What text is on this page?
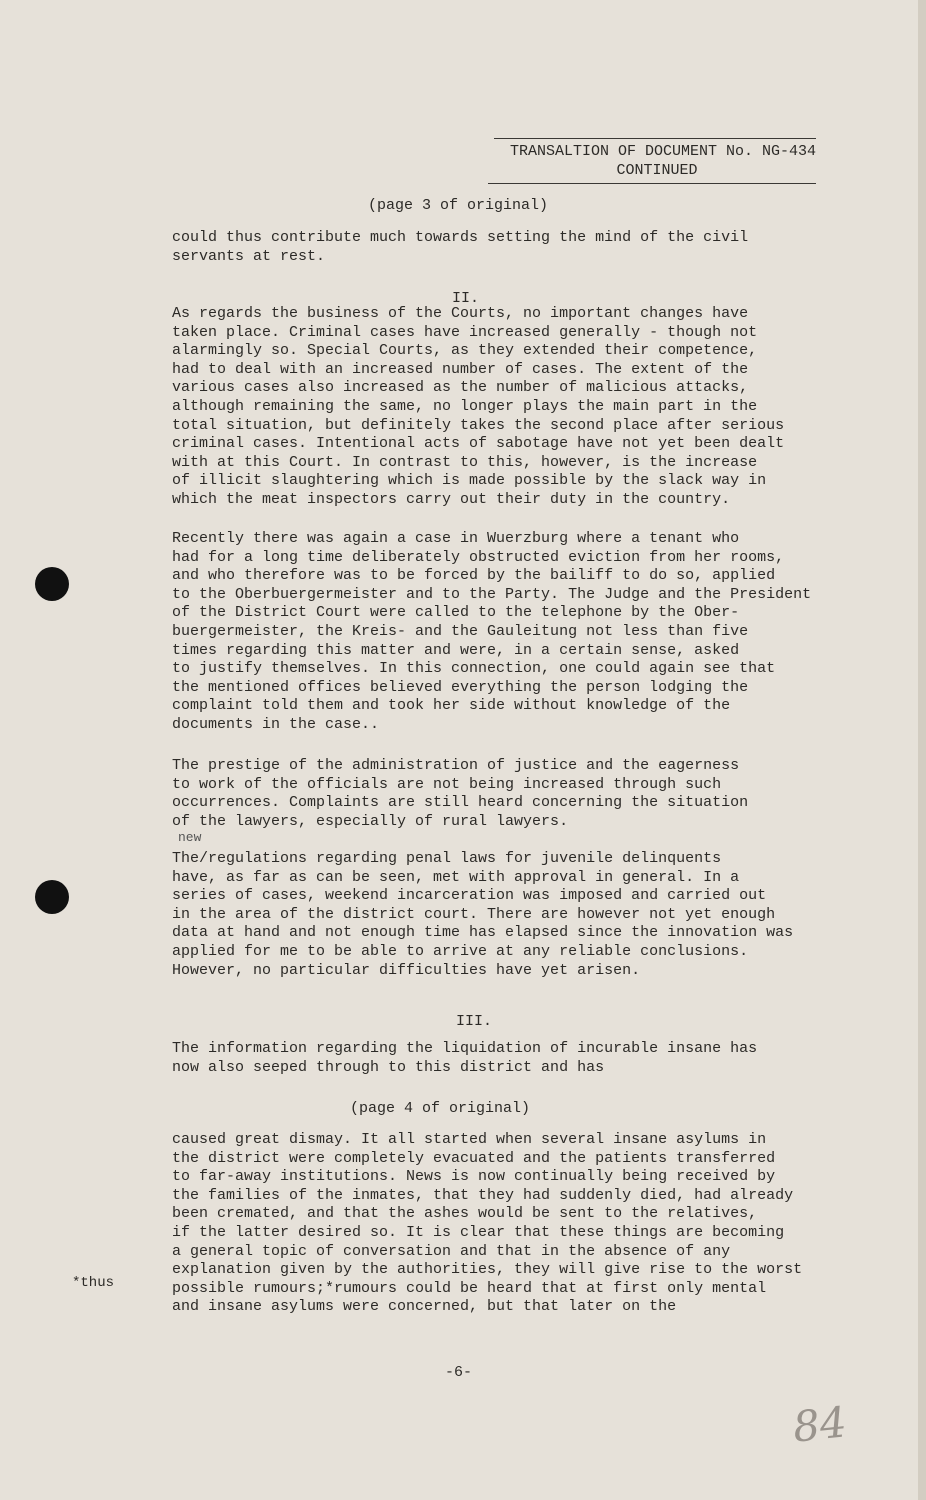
TRANSALTION OF DOCUMENT No. NG-434
CONTINUED
(page 3 of original)
could thus contribute much towards setting the mind of the civil
servants at rest.
II.
As regards the business of the Courts, no important changes have
taken place. Criminal cases have increased generally - though not
alarmingly so. Special Courts, as they extended their competence,
had to deal with an increased number of cases. The extent of the
various cases also increased as the number of malicious attacks,
although remaining the same, no longer plays the main part in the
total situation, but definitely takes the second place after serious
criminal cases. Intentional acts of sabotage have not yet been dealt
with at this Court. In contrast to this, however, is the increase
of illicit slaughtering which is made possible by the slack way in
which the meat inspectors carry out their duty in the country.
Recently there was again a case in Wuerzburg where a tenant who
had for a long time deliberately obstructed eviction from her rooms,
and who therefore was to be forced by the bailiff to do so, applied
to the Oberbuergermeister and to the Party. The Judge and the President
of the District Court were called to the telephone by the Ober-
buergermeister, the Kreis- and the Gauleitung not less than five
times regarding this matter and were, in a certain sense, asked
to justify themselves. In this connection, one could again see that
the mentioned offices believed everything the person lodging the
complaint told them and took her side without knowledge of the
documents in the case..
The prestige of the administration of justice and the eagerness
to work of the officials are not being increased through such
occurrences. Complaints are still heard concerning the situation
of the lawyers, especially of rural lawyers.
new
The/regulations regarding penal laws for juvenile delinquents
have, as far as can be seen, met with approval in general. In a
series of cases, weekend incarceration was imposed and carried out
in the area of the district court. There are however not yet enough
data at hand and not enough time has elapsed since the innovation was
applied for me to be able to arrive at any reliable conclusions.
However, no particular difficulties have yet arisen.
III.
The information regarding the liquidation of incurable insane has
now also seeped through to this district and has
(page 4 of original)
caused great dismay. It all started when several insane asylums in
the district were completely evacuated and the patients transferred
to far-away institutions. News is now continually being received by
the families of the inmates, that they had suddenly died, had already
been cremated, and that the ashes would be sent to the relatives,
if the latter desired so. It is clear that these things are becoming
a general topic of conversation and that in the absence of any
explanation given by the authorities, they will give rise to the worst
possible rumours;*rumours could be heard that at first only mental
and insane asylums were concerned, but that later on the
*thus
-6-
84
